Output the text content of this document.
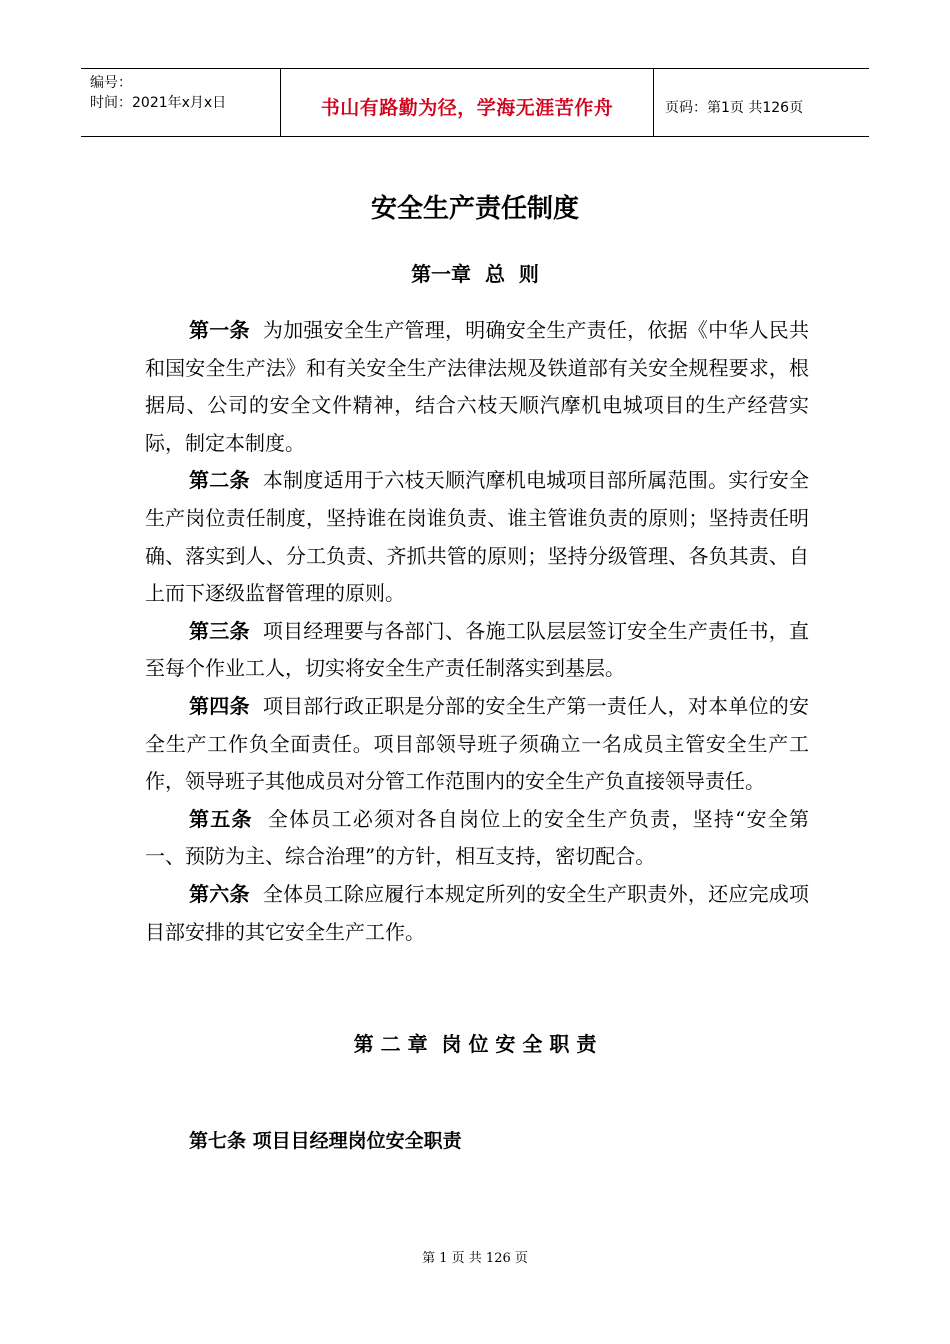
编号：
时间：2021年x月x日	书山有路勤为径，学海无涯苦作舟	页码：第1页 共126页
安全生产责任制度
第一章  总  则

第一条 为加强安全生产管理，明确安全生产责任，依据《中华人民共和国安全生产法》和有关安全生产法律法规及铁道部有关安全规程要求，根据局、公司的安全文件精神，结合六枝天顺汽摩机电城项目的生产经营实际，制定本制度。

第二条 本制度适用于六枝天顺汽摩机电城项目部所属范围。实行安全生产岗位责任制度，坚持谁在岗谁负责、谁主管谁负责的原则；坚持责任明确、落实到人、分工负责、齐抓共管的原则；坚持分级管理、各负其责、自上而下逐级监督管理的原则。

第三条 项目经理要与各部门、各施工队层层签订安全生产责任书，直至每个作业工人，切实将安全生产责任制落实到基层。

第四条 项目部行政正职是分部的安全生产第一责任人，对本单位的安全生产工作负全面责任。项目部领导班子须确立一名成员主管安全生产工作，领导班子其他成员对分管工作范围内的安全生产负直接领导责任。

第五条 全体员工必须对各自岗位上的安全生产负责，坚持“安全第一、预防为主、综合治理”的方针，相互支持，密切配合。

第六条 全体员工除应履行本规定所列的安全生产职责外，还应完成项目部安排的其它安全生产工作。

第 二 章  岗 位 安 全 职 责
第七条 项目目经理岗位安全职责
第 1 页 共 126 页
